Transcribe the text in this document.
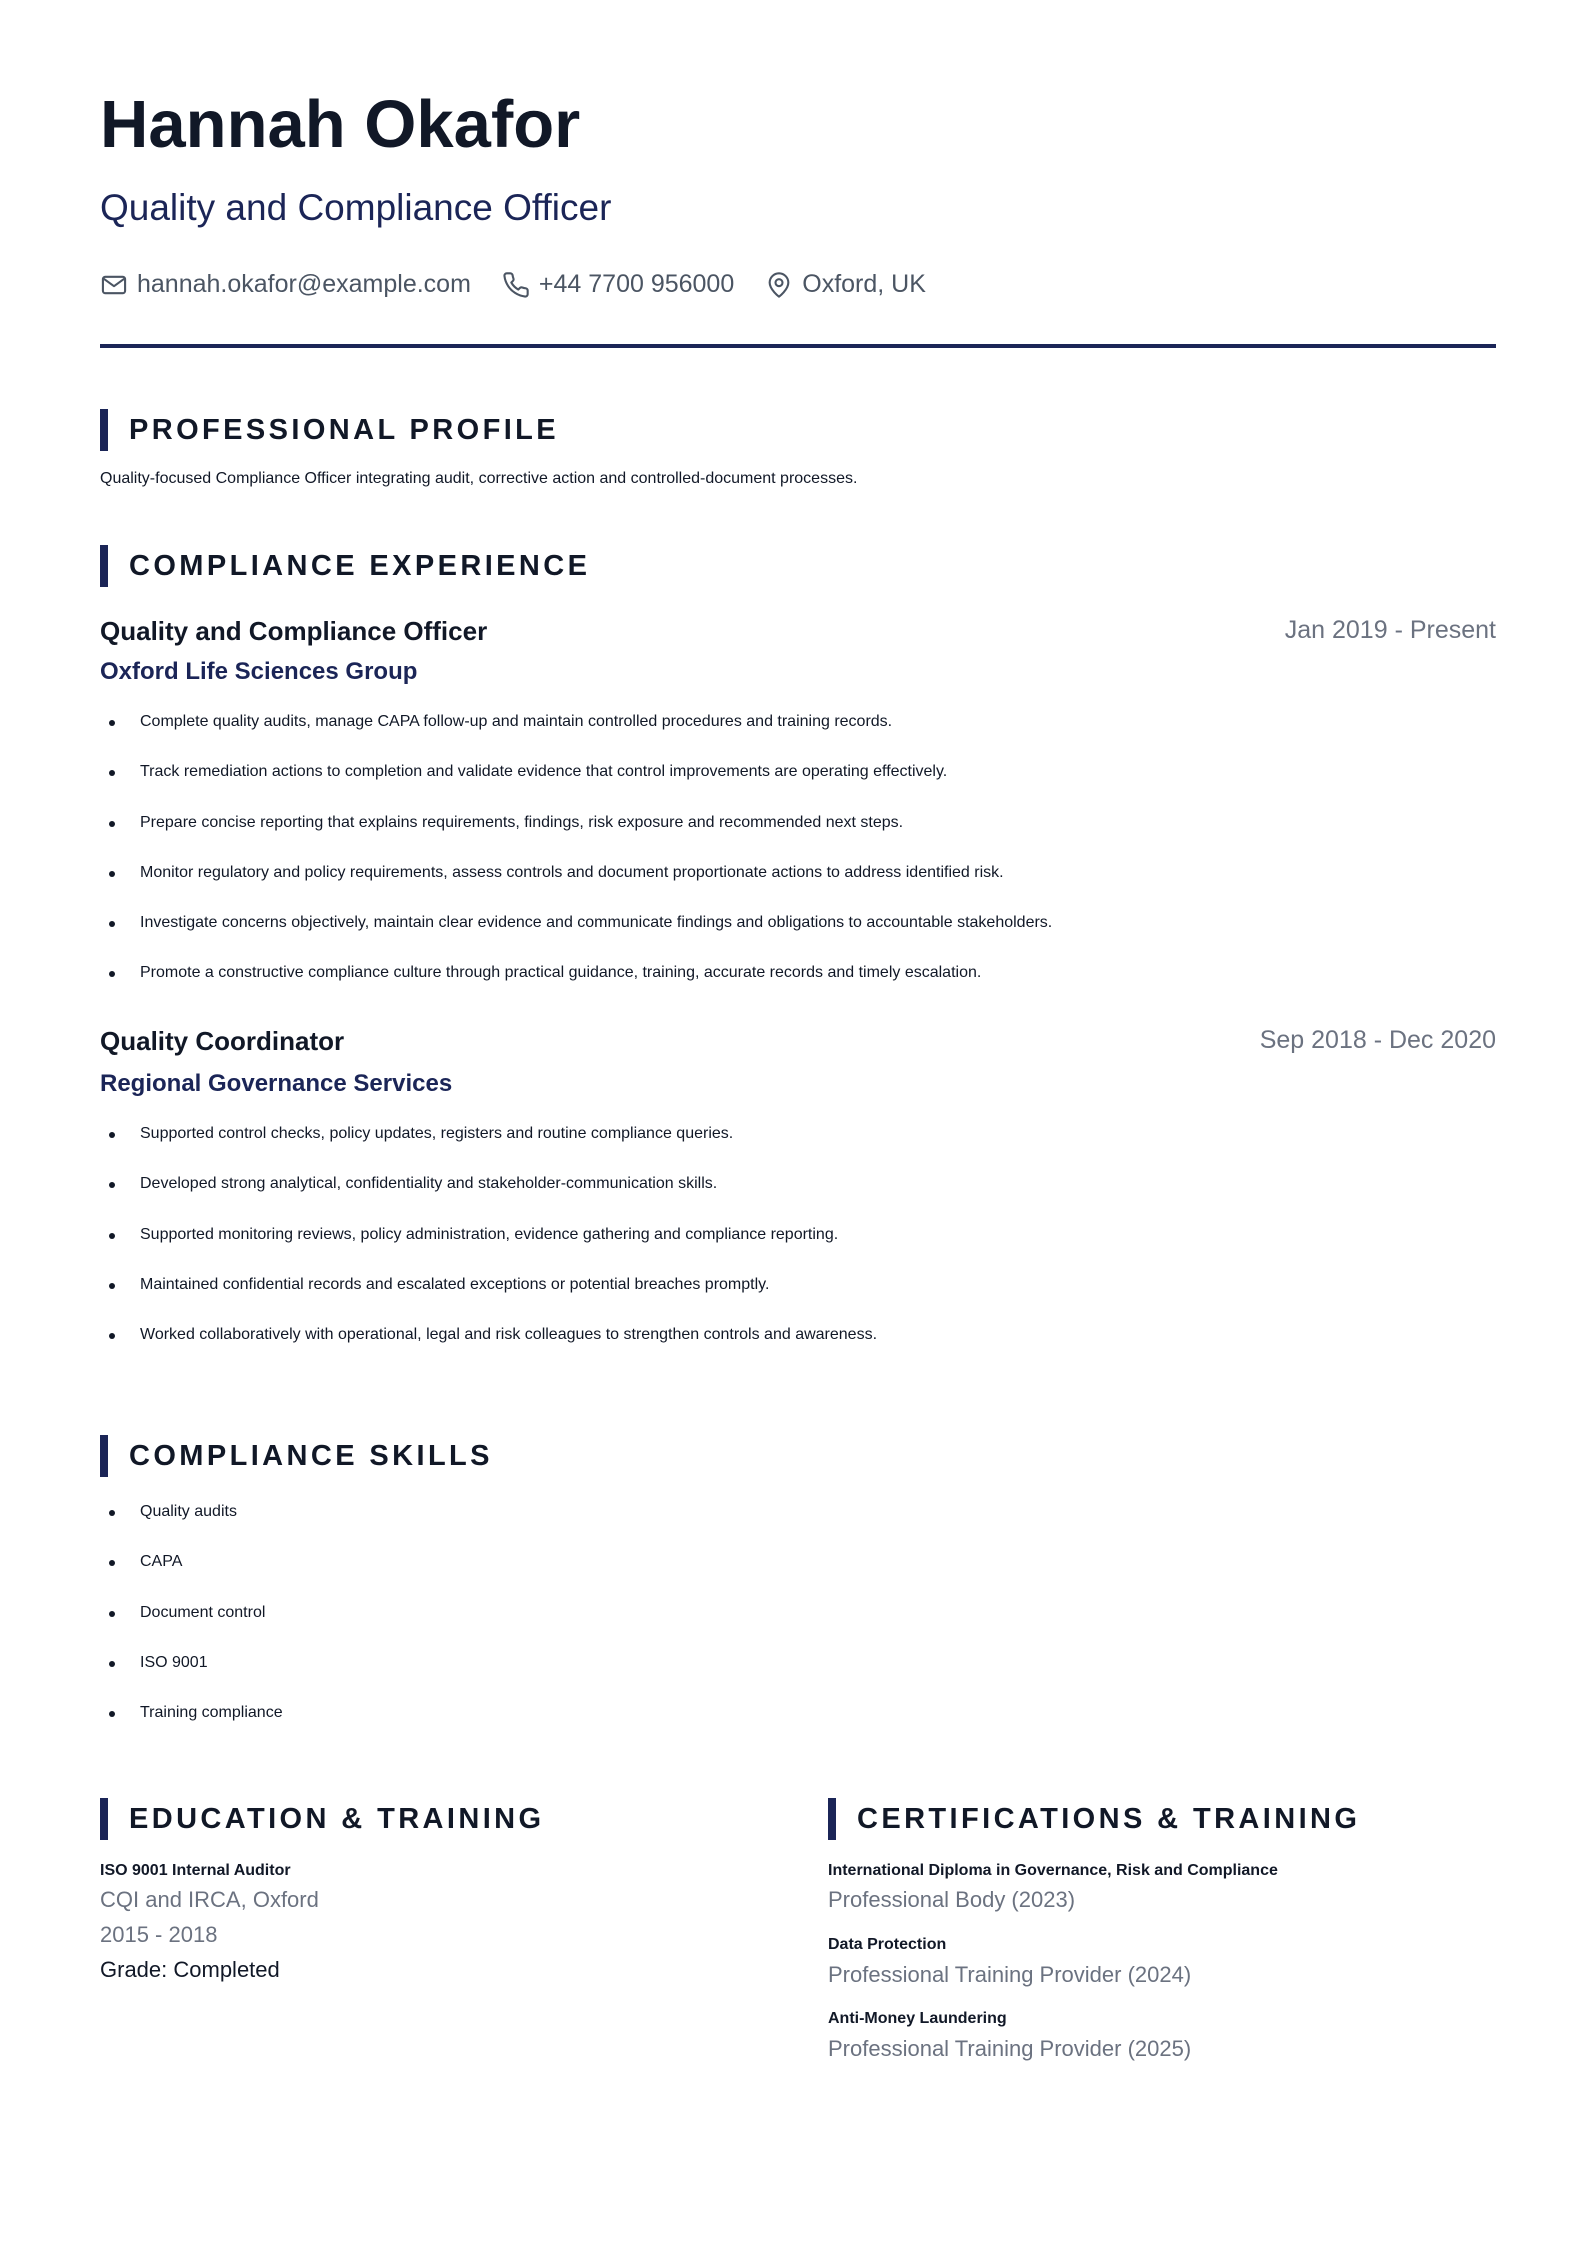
Hannah Okafor
Quality and Compliance Officer
hannah.okafor@example.com	+44 7700 956000	Oxford, UK
PROFESSIONAL PROFILE
Quality-focused Compliance Officer integrating audit, corrective action and controlled-document processes.
COMPLIANCE EXPERIENCE
Quality and Compliance Officer	Jan 2019 - Present
Oxford Life Sciences Group
Complete quality audits, manage CAPA follow-up and maintain controlled procedures and training records.
Track remediation actions to completion and validate evidence that control improvements are operating effectively.
Prepare concise reporting that explains requirements, findings, risk exposure and recommended next steps.
Monitor regulatory and policy requirements, assess controls and document proportionate actions to address identified risk.
Investigate concerns objectively, maintain clear evidence and communicate findings and obligations to accountable stakeholders.
Promote a constructive compliance culture through practical guidance, training, accurate records and timely escalation.
Quality Coordinator	Sep 2018 - Dec 2020
Regional Governance Services
Supported control checks, policy updates, registers and routine compliance queries.
Developed strong analytical, confidentiality and stakeholder-communication skills.
Supported monitoring reviews, policy administration, evidence gathering and compliance reporting.
Maintained confidential records and escalated exceptions or potential breaches promptly.
Worked collaboratively with operational, legal and risk colleagues to strengthen controls and awareness.
COMPLIANCE SKILLS
Quality audits
CAPA
Document control
ISO 9001
Training compliance
EDUCATION & TRAINING
ISO 9001 Internal Auditor
CQI and IRCA, Oxford
2015 - 2018
Grade: Completed
CERTIFICATIONS & TRAINING
International Diploma in Governance, Risk and Compliance
Professional Body (2023)
Data Protection
Professional Training Provider (2024)
Anti-Money Laundering
Professional Training Provider (2025)
